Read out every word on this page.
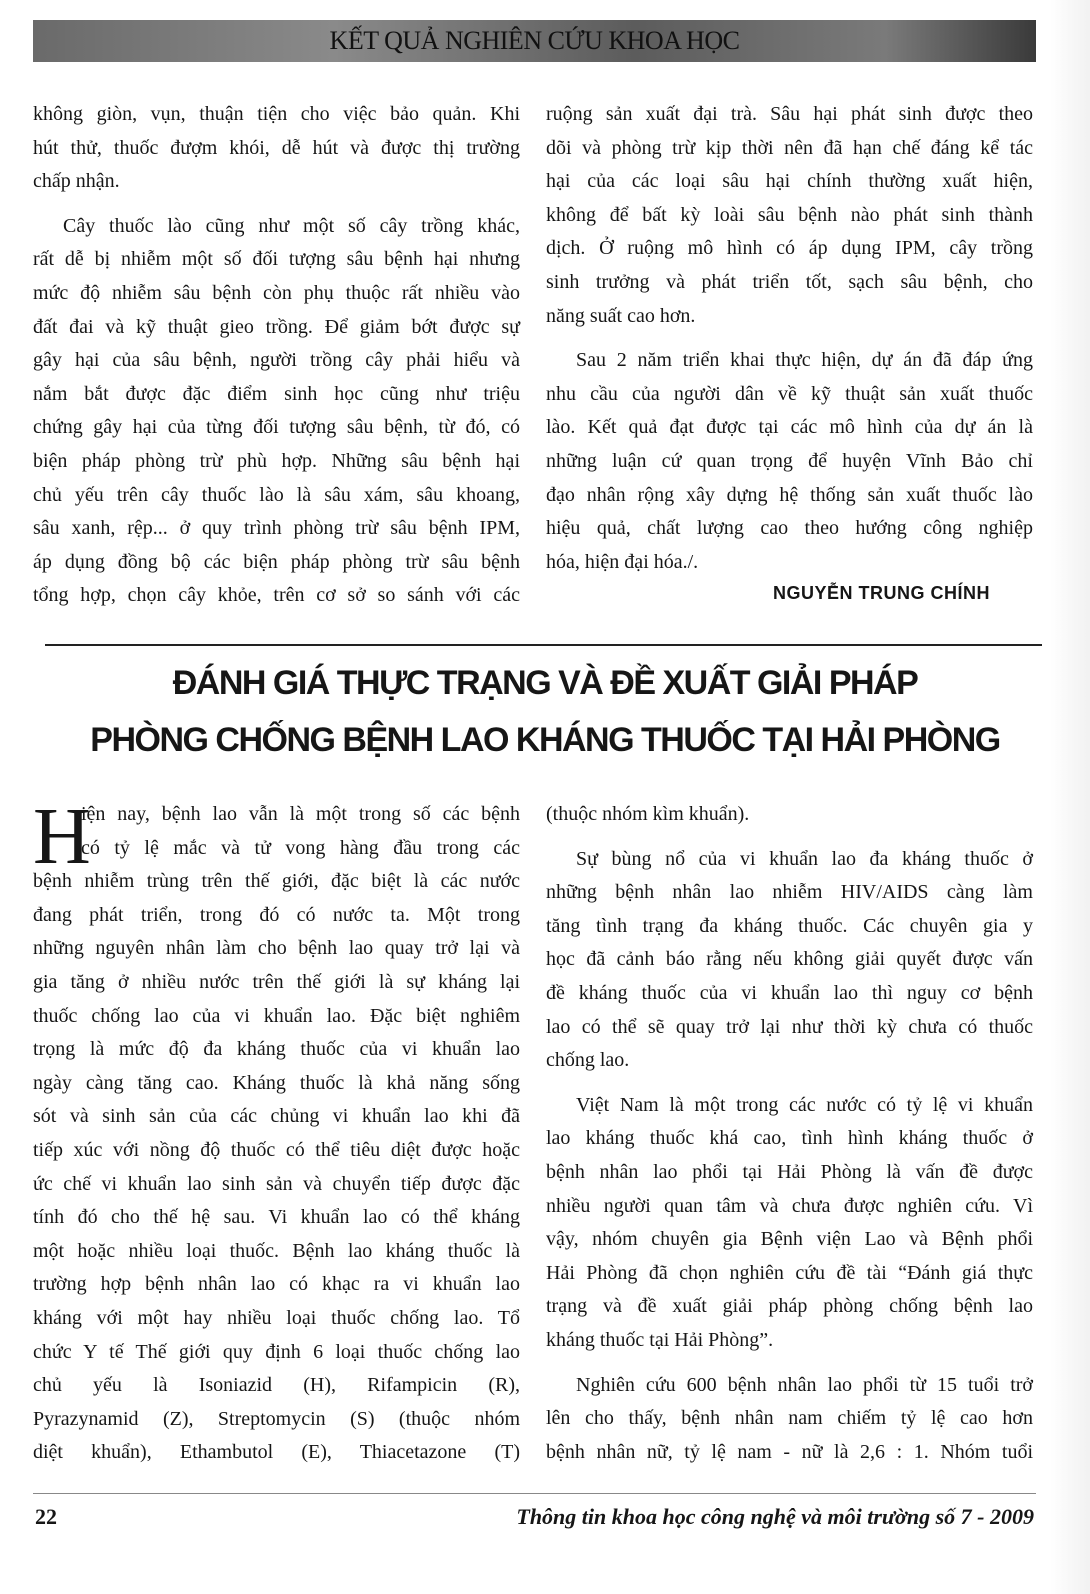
KẾT QUẢ NGHIÊN CỨU KHOA HỌC
không giòn, vụn, thuận tiện cho việc bảo quản. Khi
hút thử, thuốc đượm khói, dễ hút và được thị trường
chấp nhận.
Cây thuốc lào cũng như một số cây trồng khác,
rất dễ bị nhiễm một số đối tượng sâu bệnh hại nhưng
mức độ nhiễm sâu bệnh còn phụ thuộc rất nhiều vào
đất đai và kỹ thuật gieo trồng. Để giảm bớt được sự
gây hại của sâu bệnh, người trồng cây phải hiểu và
nắm bắt được đặc điểm sinh học cũng như triệu
chứng gây hại của từng đối tượng sâu bệnh, từ đó, có
biện pháp phòng trừ phù hợp. Những sâu bệnh hại
chủ yếu trên cây thuốc lào là sâu xám, sâu khoang,
sâu xanh, rệp... ở quy trình phòng trừ sâu bệnh IPM,
áp dụng đồng bộ các biện pháp phòng trừ sâu bệnh
tổng hợp, chọn cây khỏe, trên cơ sở so sánh với các
ruộng sản xuất đại trà. Sâu hại phát sinh được theo
dõi và phòng trừ kịp thời nên đã hạn chế đáng kể tác
hại của các loại sâu hại chính thường xuất hiện,
không để bất kỳ loài sâu bệnh nào phát sinh thành
dịch. Ở ruộng mô hình có áp dụng IPM, cây trồng
sinh trưởng và phát triển tốt, sạch sâu bệnh, cho
năng suất cao hơn.
Sau 2 năm triển khai thực hiện, dự án đã đáp ứng
nhu cầu của người dân về kỹ thuật sản xuất thuốc
lào. Kết quả đạt được tại các mô hình của dự án là
những luận cứ quan trọng để huyện Vĩnh Bảo chỉ
đạo nhân rộng xây dựng hệ thống sản xuất thuốc lào
hiệu quả, chất lượng cao theo hướng công nghiệp
hóa, hiện đại hóa./.
NGUYỄN TRUNG CHÍNH
ĐÁNH GIÁ THỰC TRẠNG VÀ ĐỀ XUẤT GIẢI PHÁP
PHÒNG CHỐNG BỆNH LAO KHÁNG THUỐC TẠI HẢI PHÒNG
H
iện nay, bệnh lao vẫn là một trong số các bệnh
có tỷ lệ mắc và tử vong hàng đầu trong các
bệnh nhiễm trùng trên thế giới, đặc biệt là các nước
đang phát triển, trong đó có nước ta. Một trong
những nguyên nhân làm cho bệnh lao quay trở lại và
gia tăng ở nhiều nước trên thế giới là sự kháng lại
thuốc chống lao của vi khuẩn lao. Đặc biệt nghiêm
trọng là mức độ đa kháng thuốc của vi khuẩn lao
ngày càng tăng cao. Kháng thuốc là khả năng sống
sót và sinh sản của các chủng vi khuẩn lao khi đã
tiếp xúc với nồng độ thuốc có thể tiêu diệt được hoặc
ức chế vi khuẩn lao sinh sản và chuyển tiếp được đặc
tính đó cho thế hệ sau. Vi khuẩn lao có thể kháng
một hoặc nhiều loại thuốc. Bệnh lao kháng thuốc là
trường hợp bệnh nhân lao có khạc ra vi khuẩn lao
kháng với một hay nhiều loại thuốc chống lao. Tổ
chức Y tế Thế giới quy định 6 loại thuốc chống lao
chủ yếu là Isoniazid (H), Rifampicin (R),
Pyrazynamid (Z), Streptomycin (S) (thuộc nhóm
diệt khuẩn), Ethambutol (E), Thiacetazone (T)
(thuộc nhóm kìm khuẩn).
Sự bùng nổ của vi khuẩn lao đa kháng thuốc ở
những bệnh nhân lao nhiễm HIV/AIDS càng làm
tăng tình trạng đa kháng thuốc. Các chuyên gia y
học đã cảnh báo rằng nếu không giải quyết được vấn
đề kháng thuốc của vi khuẩn lao thì nguy cơ bệnh
lao có thể sẽ quay trở lại như thời kỳ chưa có thuốc
chống lao.
Việt Nam là một trong các nước có tỷ lệ vi khuẩn
lao kháng thuốc khá cao, tình hình kháng thuốc ở
bệnh nhân lao phổi tại Hải Phòng là vấn đề được
nhiều người quan tâm và chưa được nghiên cứu. Vì
vậy, nhóm chuyên gia Bệnh viện Lao và Bệnh phổi
Hải Phòng đã chọn nghiên cứu đề tài “Đánh giá thực
trạng và đề xuất giải pháp phòng chống bệnh lao
kháng thuốc tại Hải Phòng”.
Nghiên cứu 600 bệnh nhân lao phổi từ 15 tuổi trở
lên cho thấy, bệnh nhân nam chiếm tỷ lệ cao hơn
bệnh nhân nữ, tỷ lệ nam - nữ là 2,6 : 1. Nhóm tuổi
22	Thông tin khoa học công nghệ và môi trường số 7 - 2009
